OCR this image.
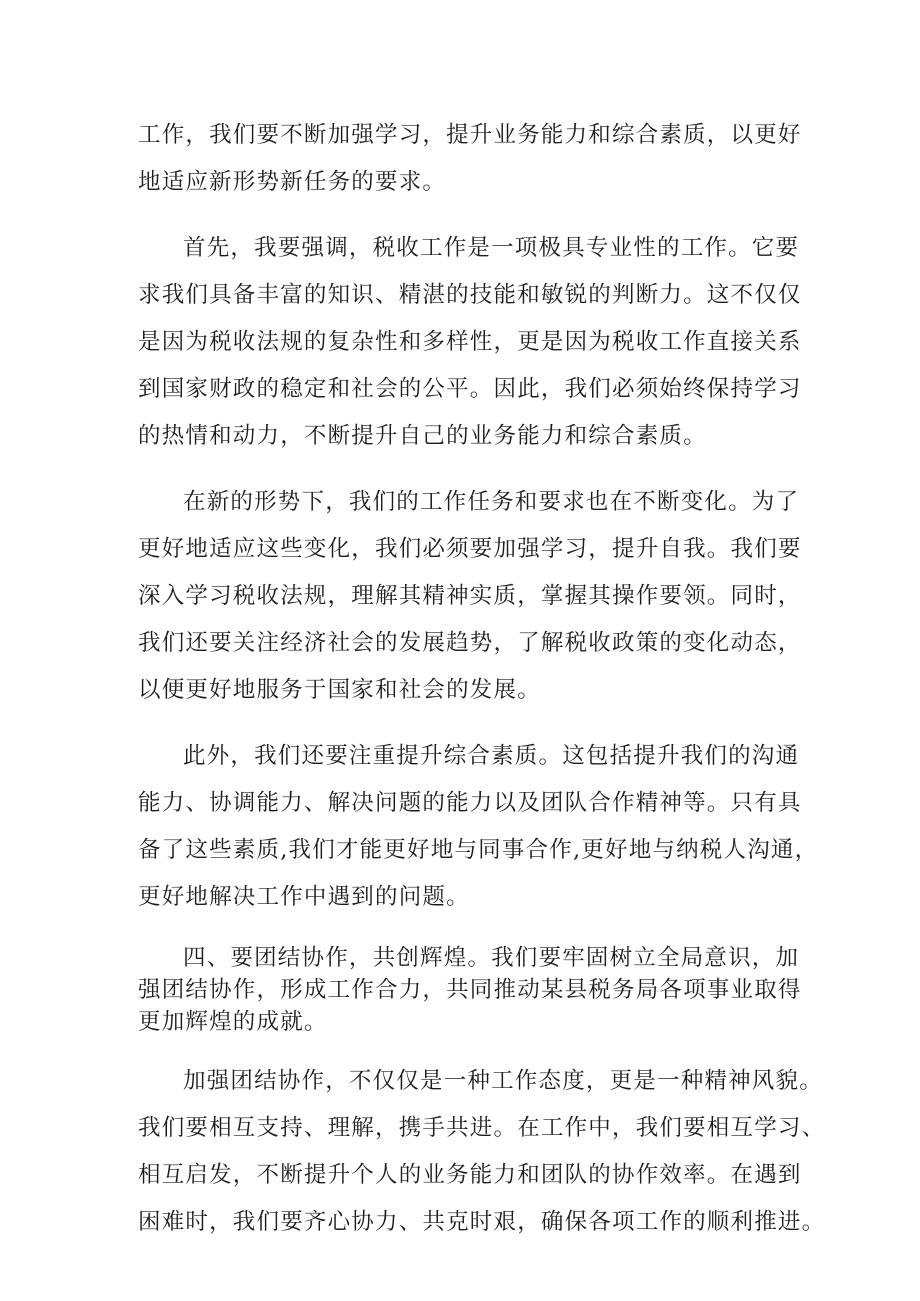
工作，我们要不断加强学习，提升业务能力和综合素质，以更好
地适应新形势新任务的要求。
首先，我要强调，税收工作是一项极具专业性的工作。它要
求我们具备丰富的知识、精湛的技能和敏锐的判断力。这不仅仅
是因为税收法规的复杂性和多样性，更是因为税收工作直接关系
到国家财政的稳定和社会的公平。因此，我们必须始终保持学习
的热情和动力，不断提升自己的业务能力和综合素质。
在新的形势下，我们的工作任务和要求也在不断变化。为了
更好地适应这些变化，我们必须要加强学习，提升自我。我们要
深入学习税收法规，理解其精神实质，掌握其操作要领。同时，
我们还要关注经济社会的发展趋势，了解税收政策的变化动态，
以便更好地服务于国家和社会的发展。
此外，我们还要注重提升综合素质。这包括提升我们的沟通
能力、协调能力、解决问题的能力以及团队合作精神等。只有具
备了这些素质,我们才能更好地与同事合作,更好地与纳税人沟通，
更好地解决工作中遇到的问题。
四、要团结协作，共创辉煌。我们要牢固树立全局意识，加
强团结协作，形成工作合力，共同推动某县税务局各项事业取得
更加辉煌的成就。
加强团结协作，不仅仅是一种工作态度，更是一种精神风貌。
我们要相互支持、理解，携手共进。在工作中，我们要相互学习、
相互启发，不断提升个人的业务能力和团队的协作效率。在遇到
困难时，我们要齐心协力、共克时艰，确保各项工作的顺利推进。
